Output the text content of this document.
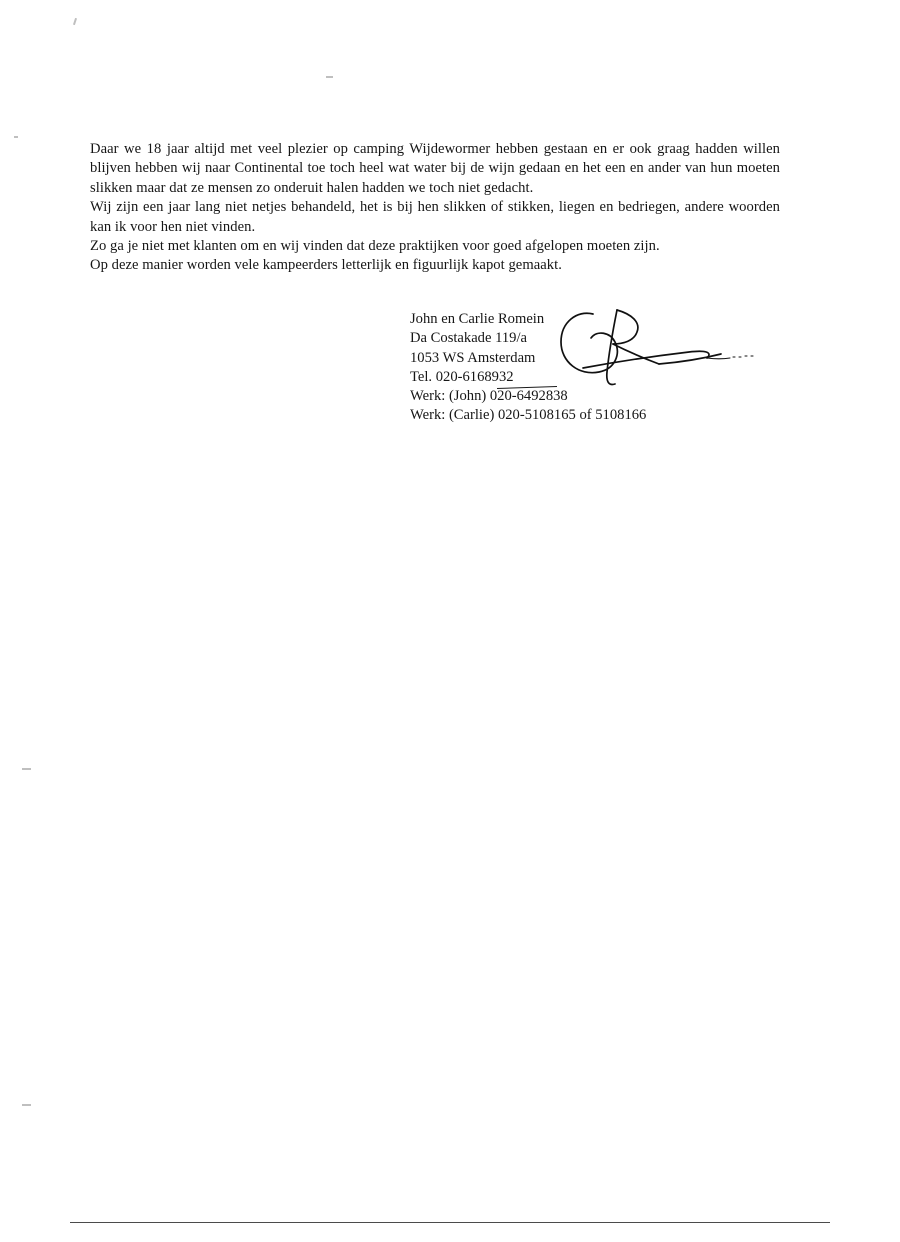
Daar we 18 jaar altijd met veel plezier op camping Wijdewormer hebben gestaan en er ook graag hadden willen blijven hebben wij naar Continental toe toch heel wat water bij de wijn gedaan en het een en ander van hun moeten slikken maar dat ze mensen zo onderuit halen hadden we toch niet gedacht.

Wij zijn een jaar lang niet netjes behandeld, het is bij hen slikken of stikken, liegen en bedriegen, andere woorden kan ik voor hen niet vinden.

Zo ga je niet met klanten om en wij vinden dat deze praktijken voor goed afgelopen moeten zijn.

Op deze manier worden vele kampeerders letterlijk en figuurlijk kapot gemaakt.

John en Carlie Romein
Da Costakade 119/a
1053 WS Amsterdam
Tel. 020-6168932
Werk: (John) 020-6492838
Werk: (Carlie) 020-5108165 of 5108166
